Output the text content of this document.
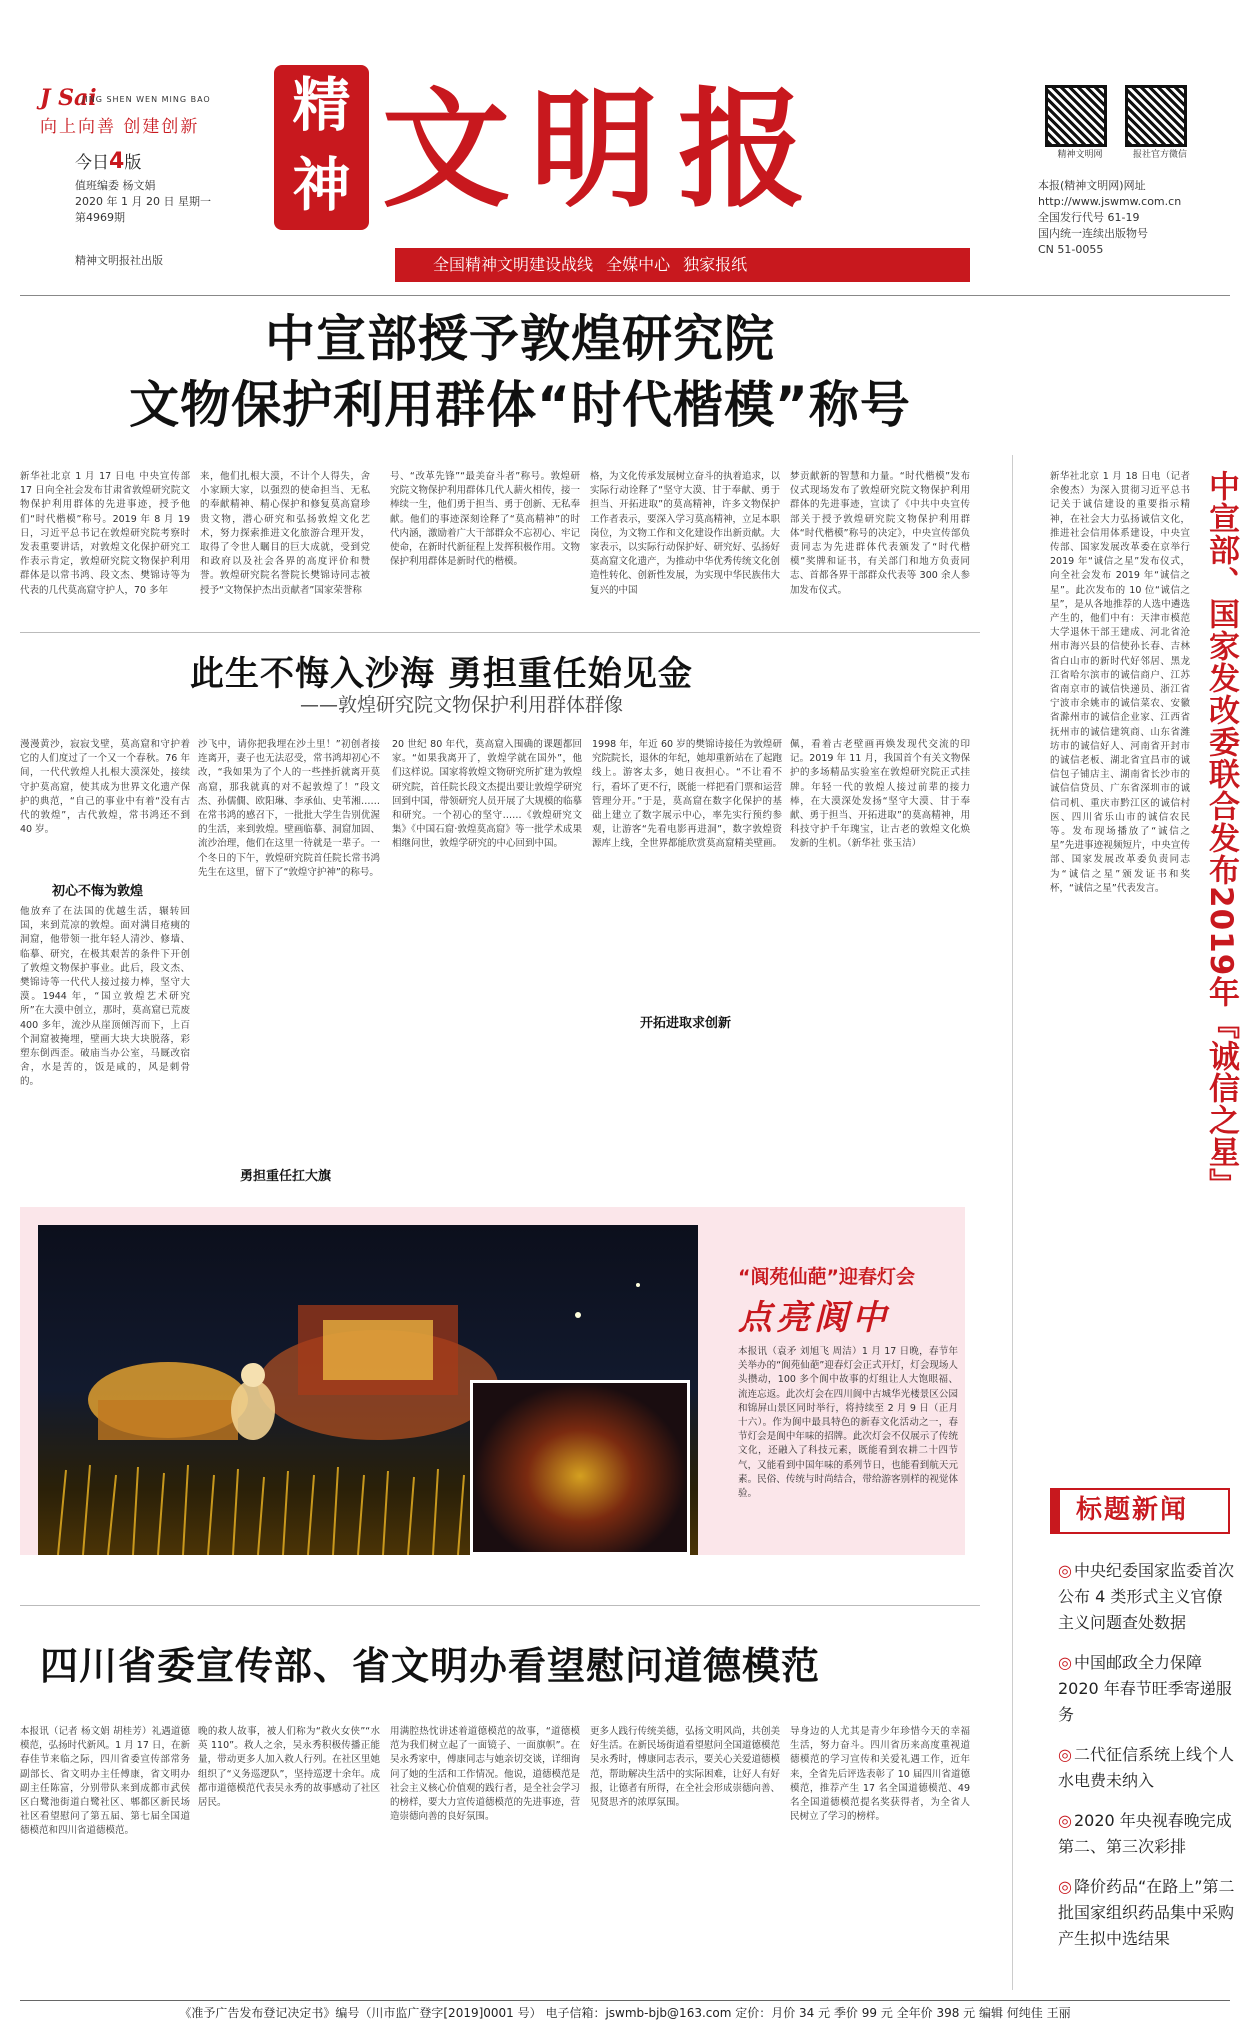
J Sai
JING SHEN WEN MING BAO
向上向善 创建创新
今日4版
值班编委 杨文娟
2020 年 1 月 20 日 星期一
第4969期
精神文明报社出版
精神 文明报
全国精神文明建设战线 全媒中心 独家报纸
精神文明网	报社官方微信
本报(精神文明网)网址
http://www.jswmw.com.cn
全国发行代号 61-19
国内统一连续出版物号
CN 51-0055
中宣部授予敦煌研究院
文物保护利用群体“时代楷模”称号
新华社北京 1 月 17 日电 中央宣传部 17 日向全社会发布甘肃省敦煌研究院文物保护利用群体的先进事迹，授予他们“时代楷模”称号。2019 年 8 月 19 日，习近平总书记在敦煌研究院考察时发表重要讲话，对敦煌文化保护研究工作表示肯定，敦煌研究院文物保护利用群体是以常书鸿、段文杰、樊锦诗等为代表的几代莫高窟守护人，70 多年
来，他们扎根大漠，不计个人得失，舍小家顾大家，以强烈的使命担当、无私的奉献精神、精心保护和修复莫高窟珍贵文物，潜心研究和弘扬敦煌文化艺术，努力探索推进文化旅游合理开发，取得了令世人瞩目的巨大成就，受到党和政府以及社会各界的高度评价和赞誉。敦煌研究院名誉院长樊锦诗同志被授予“文物保护杰出贡献者”国家荣誉称
号、“改革先锋”“最美奋斗者”称号。敦煌研究院文物保护利用群体几代人薪火相传，接一棒续一生，他们勇于担当、勇于创新、无私奉献。他们的事迹深刻诠释了“莫高精神”的时代内涵，激励着广大干部群众不忘初心、牢记使命，在新时代新征程上发挥积极作用。文物保护利用群体是新时代的楷模。
格，为文化传承发展树立奋斗的执着追求，以实际行动诠释了“坚守大漠、甘于奉献、勇于担当、开拓进取”的莫高精神，许多文物保护工作者表示，要深入学习莫高精神，立足本职岗位，为文物工作和文化建设作出新贡献。大家表示，以实际行动保护好、研究好、弘扬好莫高窟文化遗产，为推动中华优秀传统文化创造性转化、创新性发展，为实现中华民族伟大复兴的中国
梦贡献新的智慧和力量。“时代楷模”发布仪式现场发布了敦煌研究院文物保护利用群体的先进事迹，宣读了《中共中央宣传部关于授予敦煌研究院文物保护利用群体“时代楷模”称号的决定》，中央宣传部负责同志为先进群体代表颁发了“时代楷模”奖牌和证书，有关部门和地方负责同志、首都各界干部群众代表等 300 余人参加发布仪式。
此生不悔入沙海 勇担重任始见金
——敦煌研究院文物保护利用群体群像
漫漫黄沙，寂寂戈壁，莫高窟和守护着它的人们度过了一个又一个春秋。76 年间，一代代敦煌人扎根大漠深处，接续守护莫高窟，使其成为世界文化遗产保护的典范，“自己的事业中有着“没有古代的敦煌”，古代敦煌，常书鸿还不到 40 岁。
初心不悔为敦煌
他放弃了在法国的优越生活，辗转回国，来到荒凉的敦煌。面对满目疮痍的洞窟，他带领一批年轻人清沙、修墙、临摹、研究，在极其艰苦的条件下开创了敦煌文物保护事业。此后，段文杰、樊锦诗等一代代人接过接力棒，坚守大漠。1944 年，“国立敦煌艺术研究所”在大漠中创立，那时，莫高窟已荒废 400 多年，流沙从崖顶倾泻而下，上百个洞窟被掩埋，壁画大块大块脱落，彩塑东倒西歪。破庙当办公室，马厩改宿舍，水是苦的，饭是咸的，风是刺骨的。
沙飞中，请你把我埋在沙土里！”初创者接连离开，妻子也无法忍受，常书鸿却初心不改，“我如果为了个人的一些挫折就离开莫高窟，那我就真的对不起敦煌了！”段文杰、孙儒僩、欧阳琳、李承仙、史苇湘……在常书鸿的感召下，一批批大学生告别优渥的生活，来到敦煌。壁画临摹、洞窟加固、流沙治理，他们在这里一待就是一辈子。一个冬日的下午，敦煌研究院首任院长常书鸿先生在这里，留下了“敦煌守护神”的称号。
勇担重任扛大旗
20 世纪 80 年代，莫高窟入围确的课题都回家。“如果我离开了，敦煌学就在国外”，他们这样说。国家将敦煌文物研究所扩建为敦煌研究院，首任院长段文杰提出要让敦煌学研究回到中国，带领研究人员开展了大规模的临摹和研究。一个初心的坚守……《敦煌研究文集》《中国石窟·敦煌莫高窟》等一批学术成果相继问世，敦煌学研究的中心回到中国。
1998 年，年近 60 岁的樊锦诗接任为敦煌研究院院长，退休的年纪，她却重新站在了起跑线上。游客太多，她日夜担心。“不让看不行，看坏了更不行，既能一样把看门票和运营管理分开。”于是，莫高窟在数字化保护的基础上建立了数字展示中心，率先实行预约参观，让游客“先看电影再进洞”，数字敦煌资源库上线，全世界都能欣赏莫高窟精美壁画。
开拓进取求创新
佩，看着古老壁画再焕发现代交流的印记。2019 年 11 月，我国首个有关文物保护的多场精品实验室在敦煌研究院正式挂牌。年轻一代的敦煌人接过前辈的接力棒，在大漠深处发扬“坚守大漠、甘于奉献、勇于担当、开拓进取”的莫高精神，用科技守护千年瑰宝，让古老的敦煌文化焕发新的生机。（新华社 张玉洁）
“阆苑仙葩”迎春灯会
点亮阆中
本报讯（袁矛 刘旭飞 周洁）1 月 17 日晚，春节年关举办的“阆苑仙葩”迎春灯会正式开灯，灯会现场人头攒动，100 多个阆中故事的灯组让人大饱眼福、流连忘返。此次灯会在四川阆中古城华光楼景区公园和锦屏山景区同时举行，将持续至 2 月 9 日（正月十六）。作为阆中最具特色的新春文化活动之一，春节灯会是阆中年味的招牌。此次灯会不仅展示了传统文化，还融入了科技元素，既能看到农耕二十四节气，又能看到中国年味的系列节日，也能看到航天元素。民俗、传统与时尚结合，带给游客别样的视觉体验。
四川省委宣传部、省文明办看望慰问道德模范
本报讯（记者 杨文娟 胡桂芳）礼遇道德模范，弘扬时代新风。1 月 17 日，在新春佳节来临之际，四川省委宣传部常务副部长、省文明办主任傅康，省文明办副主任陈富，分别带队来到成都市武侯区白鹭池街道白鹭社区、郫都区新民场社区看望慰问了第五届、第七届全国道德模范和四川省道德模范。
晚的救人故事，被人们称为“救火女侠”“水英 110”。救人之余，吴永秀积极传播正能量，带动更多人加入救人行列。在社区里她组织了“义务巡逻队”，坚持巡逻十余年。成都市道德模范代表吴永秀的故事感动了社区居民。
用满腔热忱讲述着道德模范的故事，“道德模范为我们树立起了一面镜子、一面旗帜”。在吴永秀家中，傅康同志与她亲切交谈，详细询问了她的生活和工作情况。他说，道德模范是社会主义核心价值观的践行者，是全社会学习的榜样，要大力宣传道德模范的先进事迹，营造崇德向善的良好氛围。
更多人践行传统美德，弘扬文明风尚，共创美好生活。在新民场街道看望慰问全国道德模范吴永秀时，傅康同志表示，要关心关爱道德模范，帮助解决生活中的实际困难，让好人有好报，让德者有所得，在全社会形成崇德向善、见贤思齐的浓厚氛围。
导身边的人尤其是青少年珍惜今天的幸福生活，努力奋斗。四川省历来高度重视道德模范的学习宣传和关爱礼遇工作，近年来，全省先后评选表彰了 10 届四川省道德模范，推荐产生 17 名全国道德模范、49 名全国道德模范提名奖获得者，为全省人民树立了学习的榜样。
中宣部、国家发改委联合发布2019年『诚信之星』
新华社北京 1 月 18 日电（记者 余俊杰）为深入贯彻习近平总书记关于诚信建设的重要指示精神，在社会大力弘扬诚信文化，推进社会信用体系建设，中央宣传部、国家发展改革委在京举行 2019 年“诚信之星”发布仪式，向全社会发布 2019 年“诚信之星”。此次发布的 10 位“诚信之星”，是从各地推荐的人选中遴选产生的，他们中有：天津市模范大学退休干部王建成、河北省沧州市海兴县的信使孙长春、吉林省白山市的新时代好邻居、黑龙江省哈尔滨市的诚信商户、江苏省南京市的诚信快递员、浙江省宁波市余姚市的诚信菜农、安徽省滁州市的诚信企业家、江西省抚州市的诚信建筑商、山东省潍坊市的诚信好人、河南省开封市的诚信老板、湖北省宜昌市的诚信包子铺店主、湖南省长沙市的诚信信贷员、广东省深圳市的诚信司机、重庆市黔江区的诚信村医、四川省乐山市的诚信农民等。发布现场播放了“诚信之星”先进事迹视频短片，中央宣传部、国家发展改革委负责同志为“诚信之星”颁发证书和奖杯，“诚信之星”代表发言。
标题新闻
◎ 中央纪委国家监委首次公布 4 类形式主义官僚主义问题查处数据
◎ 中国邮政全力保障 2020 年春节旺季寄递服务
◎ 二代征信系统上线个人水电费未纳入
◎ 2020 年央视春晚完成第二、第三次彩排
◎ 降价药品“在路上”第二批国家组织药品集中采购产生拟中选结果
《准予广告发布登记决定书》编号（川市监广登字[2019]0001 号） 电子信箱：jswmb-bjb@163.com 定价：月价 34 元 季价 99 元 全年价 398 元 编辑 何纯佳 王丽
